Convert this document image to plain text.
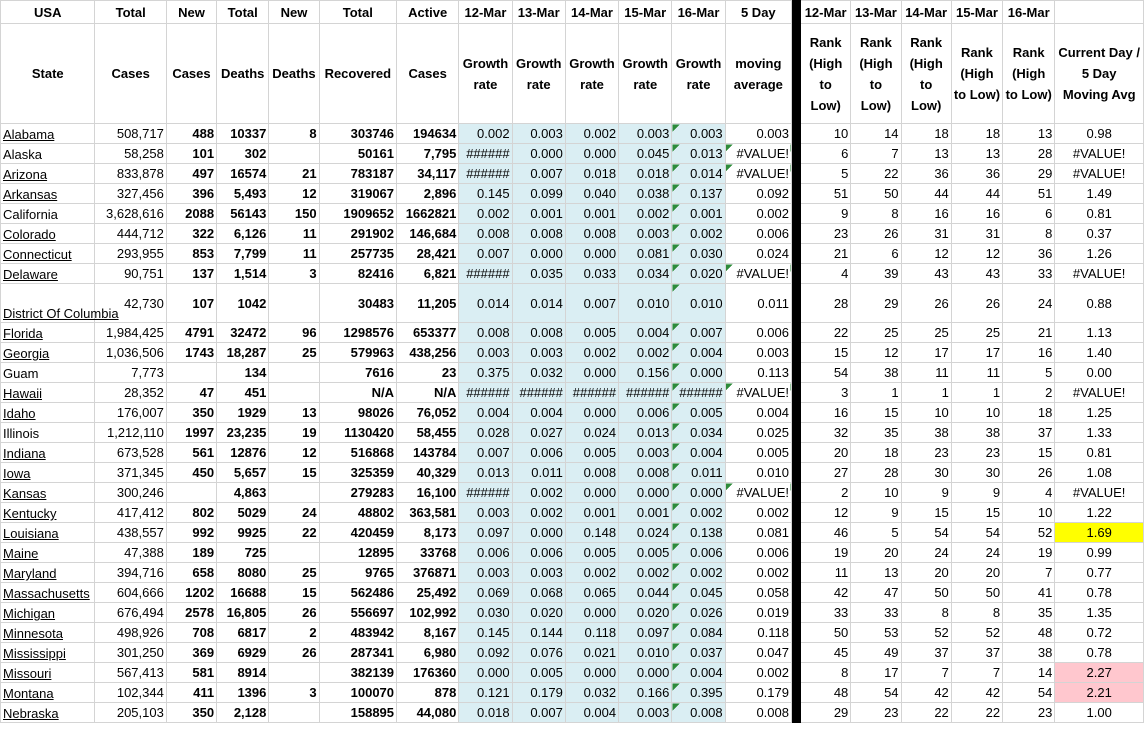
USA	Total	New	Total	New	Total	Active	12-Mar	13-Mar	14-Mar	15-Mar	16-Mar	5 Day		12-Mar	13-Mar	14-Mar	15-Mar	16-Mar	
State	Cases	Cases	Deaths	Deaths	Recovered	Cases	Growth rate	Growth rate	Growth rate	Growth rate	Growth rate	moving average		Rank (High to Low)	Rank (High to Low)	Rank (High to Low)	Rank (High to Low)	Rank (High to Low)	Current Day / 5 Day Moving Avg
Alabama	508,717	488	10337	8	303746	194634	0.002	0.003	0.002	0.003	0.003	0.003		10	14	18	18	13	0.98
Alaska	58,258	101	302		50161	7,795	######	0.000	0.000	0.045	0.013	#VALUE!		6	7	13	13	28	#VALUE!
Arizona	833,878	497	16574	21	783187	34,117	######	0.007	0.018	0.018	0.014	#VALUE!		5	22	36	36	29	#VALUE!
Arkansas	327,456	396	5,493	12	319067	2,896	0.145	0.099	0.040	0.038	0.137	0.092		51	50	44	44	51	1.49
California	3,628,616	2088	56143	150	1909652	1662821	0.002	0.001	0.001	0.002	0.001	0.002		9	8	16	16	6	0.81
Colorado	444,712	322	6,126	11	291902	146,684	0.008	0.008	0.008	0.003	0.002	0.006		23	26	31	31	8	0.37
Connecticut	293,955	853	7,799	11	257735	28,421	0.007	0.000	0.000	0.081	0.030	0.024		21	6	12	12	36	1.26
Delaware	90,751	137	1,514	3	82416	6,821	######	0.035	0.033	0.034	0.020	#VALUE!		4	39	43	43	33	#VALUE!
District Of Columbia	42,730	107	1042		30483	11,205	0.014	0.014	0.007	0.010	0.010	0.011		28	29	26	26	24	0.88
Florida	1,984,425	4791	32472	96	1298576	653377	0.008	0.008	0.005	0.004	0.007	0.006		22	25	25	25	21	1.13
Georgia	1,036,506	1743	18,287	25	579963	438,256	0.003	0.003	0.002	0.002	0.004	0.003		15	12	17	17	16	1.40
Guam	7,773		134		7616	23	0.375	0.032	0.000	0.156	0.000	0.113		54	38	11	11	5	0.00
Hawaii	28,352	47	451		N/A	N/A	######	######	######	######	######	#VALUE!		3	1	1	1	2	#VALUE!
Idaho	176,007	350	1929	13	98026	76,052	0.004	0.004	0.000	0.006	0.005	0.004		16	15	10	10	18	1.25
Illinois	1,212,110	1997	23,235	19	1130420	58,455	0.028	0.027	0.024	0.013	0.034	0.025		32	35	38	38	37	1.33
Indiana	673,528	561	12876	12	516868	143784	0.007	0.006	0.005	0.003	0.004	0.005		20	18	23	23	15	0.81
Iowa	371,345	450	5,657	15	325359	40,329	0.013	0.011	0.008	0.008	0.011	0.010		27	28	30	30	26	1.08
Kansas	300,246		4,863		279283	16,100	######	0.002	0.000	0.000	0.000	#VALUE!		2	10	9	9	4	#VALUE!
Kentucky	417,412	802	5029	24	48802	363,581	0.003	0.002	0.001	0.001	0.002	0.002		12	9	15	15	10	1.22
Louisiana	438,557	992	9925	22	420459	8,173	0.097	0.000	0.148	0.024	0.138	0.081		46	5	54	54	52	1.69
Maine	47,388	189	725		12895	33768	0.006	0.006	0.005	0.005	0.006	0.006		19	20	24	24	19	0.99
Maryland	394,716	658	8080	25	9765	376871	0.003	0.003	0.002	0.002	0.002	0.002		11	13	20	20	7	0.77
Massachusetts	604,666	1202	16688	15	562486	25,492	0.069	0.068	0.065	0.044	0.045	0.058		42	47	50	50	41	0.78
Michigan	676,494	2578	16,805	26	556697	102,992	0.030	0.020	0.000	0.020	0.026	0.019		33	33	8	8	35	1.35
Minnesota	498,926	708	6817	2	483942	8,167	0.145	0.144	0.118	0.097	0.084	0.118		50	53	52	52	48	0.72
Mississippi	301,250	369	6929	26	287341	6,980	0.092	0.076	0.021	0.010	0.037	0.047		45	49	37	37	38	0.78
Missouri	567,413	581	8914		382139	176360	0.000	0.005	0.000	0.000	0.004	0.002		8	17	7	7	14	2.27
Montana	102,344	411	1396	3	100070	878	0.121	0.179	0.032	0.166	0.395	0.179		48	54	42	42	54	2.21
Nebraska	205,103	350	2,128		158895	44,080	0.018	0.007	0.004	0.003	0.008	0.008		29	23	22	22	23	1.00
